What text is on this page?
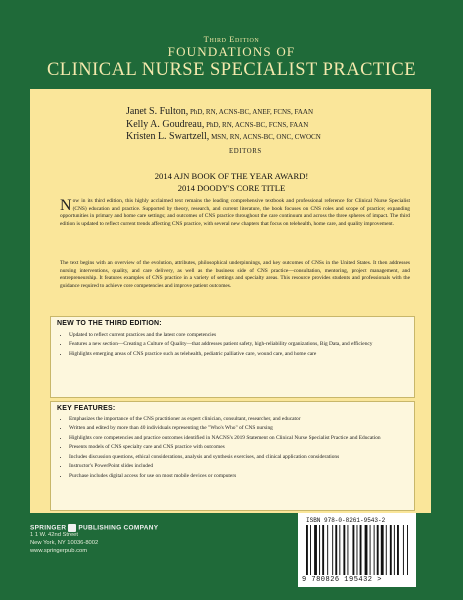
Third Edition
FOUNDATIONS OF
CLINICAL NURSE SPECIALIST PRACTICE
Janet S. Fulton, PhD, RN, ACNS-BC, ANEF, FCNS, FAAN
Kelly A. Goudreau, PhD, RN, ACNS-BC, FCNS, FAAN
Kristen L. Swartzell, MSN, RN, ACNS-BC, ONC, CWOCN
EDITORS
2014 AJN BOOK OF THE YEAR AWARD!
2014 DOODY'S CORE TITLE
Now in its third edition, this highly acclaimed text remains the leading comprehensive textbook and professional reference for Clinical Nurse Specialist (CNS) education and practice. Supported by theory, research, and current literature, the book focuses on CNS roles and scope of practice; expanding opportunities in primary and home care settings; and outcomes of CNS practice throughout the care continuum and across the three spheres of impact. The third edition is updated to reflect current trends affecting CNS practice, with several new chapters that focus on telehealth, home care, and quality improvement.
The text begins with an overview of the evolution, attributes, philosophical underpinnings, and key outcomes of CNSs in the United States. It then addresses nursing interventions, quality, and care delivery, as well as the business side of CNS practice—consultation, mentoring, project management, and entrepreneurship. It features examples of CNS practice in a variety of settings and specialty areas. This resource provides students and professionals with the guidance required to achieve core competencies and improve patient outcomes.
NEW TO THE THIRD EDITION:
• Updated to reflect current practices and the latest core competencies
• Features a new section—Creating a Culture of Quality—that addresses patient safety, high-reliability organizations, Big Data, and efficiency
• Highlights emerging areas of CNS practice such as telehealth, pediatric palliative care, wound care, and home care
KEY FEATURES:
• Emphasizes the importance of the CNS practitioner as expert clinician, consultant, researcher, and educator
• Written and edited by more than 40 individuals representing the "Who's Who" of CNS nursing
• Highlights core competencies and practice outcomes identified in NACNS's 2019 Statement on Clinical Nurse Specialist Practice and Education
• Presents models of CNS specialty care and CNS practice with outcomes
• Includes discussion questions, ethical considerations, analysis and synthesis exercises, and clinical application considerations
• Instructor's PowerPoint slides included
• Purchase includes digital access for use on most mobile devices or computers
SPRINGER PUBLISHING COMPANY
1 1 W. 42nd Street
New York, NY 10036-8002
www.springerpub.com
ISBN 978-0-8261-9543-2
9 780826 195432 >
